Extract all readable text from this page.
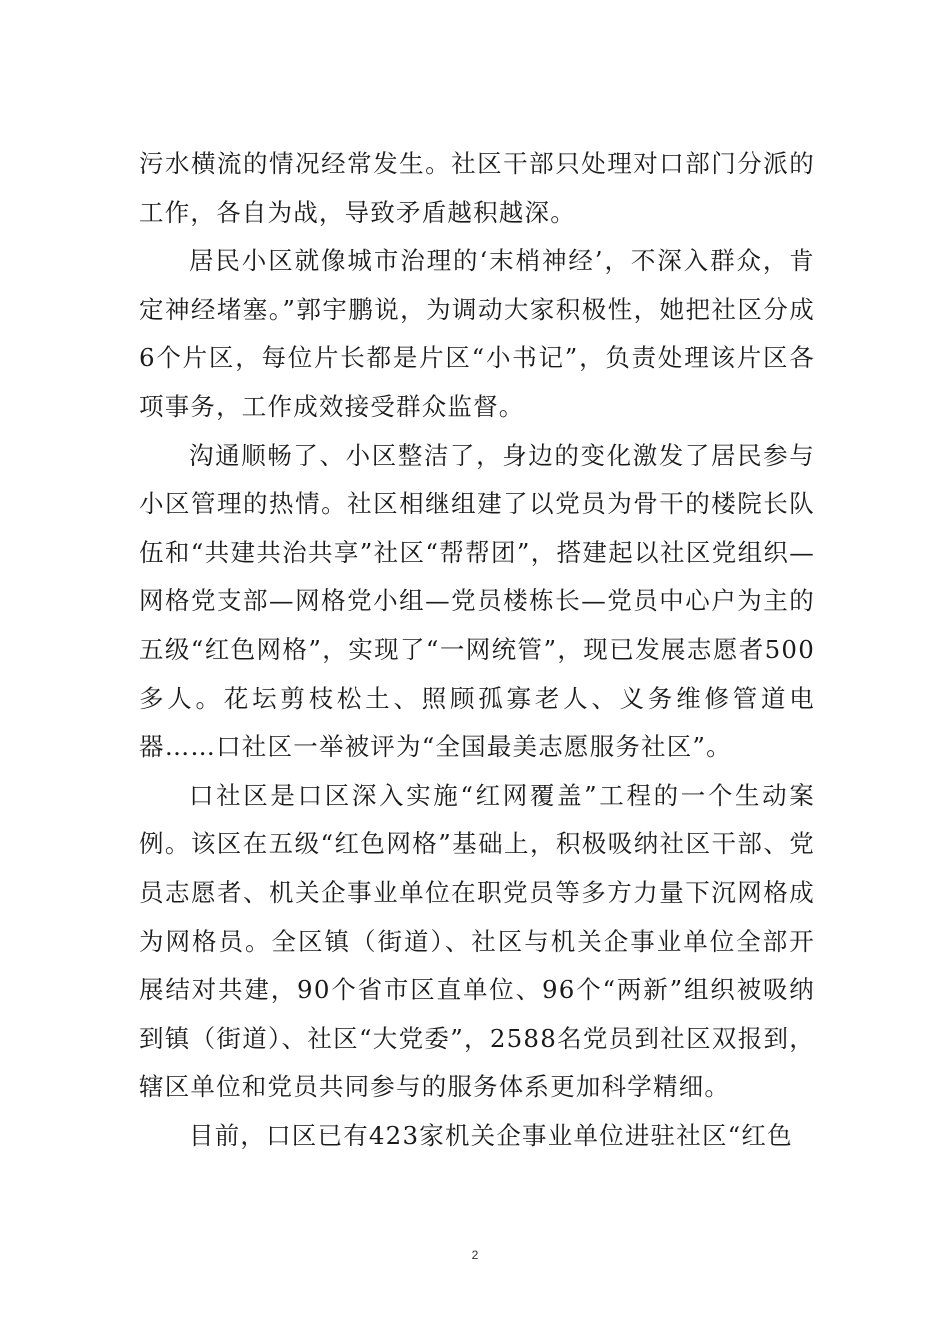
污水横流的情况经常发生。社区干部只处理对口部门分派的工作，各自为战，导致矛盾越积越深。

居民小区就像城市治理的‘末梢神经’，不深入群众，肯定神经堵塞。”郭宇鹏说，为调动大家积极性，她把社区分成6个片区，每位片长都是片区“小书记”，负责处理该片区各项事务，工作成效接受群众监督。

沟通顺畅了、小区整洁了，身边的变化激发了居民参与小区管理的热情。社区相继组建了以党员为骨干的楼院长队伍和“共建共治共享”社区“帮帮团”，搭建起以社区党组织—网格党支部—网格党小组—党员楼栋长—党员中心户为主的五级“红色网格”，实现了“一网统管”，现已发展志愿者500多人。花坛剪枝松土、照顾孤寡老人、义务维修管道电器……口社区一举被评为“全国最美志愿服务社区”。

口社区是口区深入实施“红网覆盖”工程的一个生动案例。该区在五级“红色网格”基础上，积极吸纳社区干部、党员志愿者、机关企事业单位在职党员等多方力量下沉网格成为网格员。全区镇（街道）、社区与机关企事业单位全部开展结对共建，90个省市区直单位、96个“两新”组织被吸纳到镇（街道）、社区“大党委”，2588名党员到社区双报到，辖区单位和党员共同参与的服务体系更加科学精细。

目前，口区已有423家机关企事业单位进驻社区“红色

2
